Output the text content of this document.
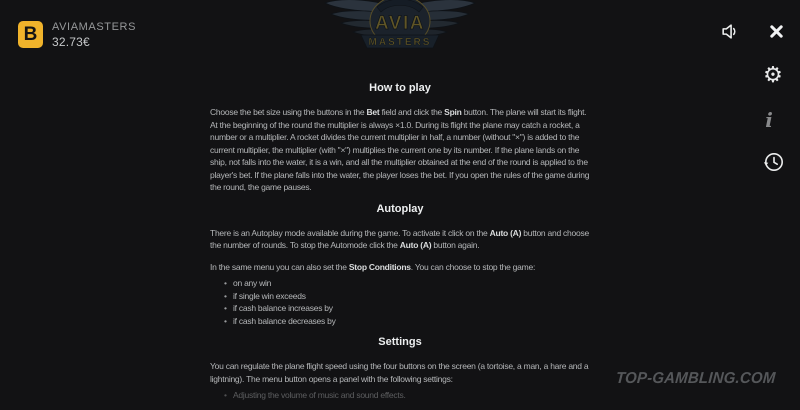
B	AVIAMASTERS
32.73€
AVIA
MASTERS
⚙
i
How to play

Choose the bet size using the buttons in the Bet field and click the Spin button. The plane will start its flight. At the beginning of the round the multiplier is always ×1.0. During its flight the plane may catch a rocket, a number or a multiplier. A rocket divides the current multiplier in half, a number (without "×") is added to the current multiplier, the multiplier (with "×") multiplies the current one by its number. If the plane lands on the ship, not falls into the water, it is a win, and all the multiplier obtained at the end of the round is applied to the player's bet. If the plane falls into the water, the player loses the bet. If you open the rules of the game during the round, the game pauses.

Autoplay

There is an Autoplay mode available during the game. To activate it click on the Auto (A) button and choose the number of rounds. To stop the Automode click the Auto (A) button again.

In the same menu you can also set the Stop Conditions. You can choose to stop the game:

• on any win
• if single win exceeds
• if cash balance increases by
• if cash balance decreases by
Settings

You can regulate the plane flight speed using the four buttons on the screen (a tortoise, a man, a hare and a lightning). The menu button opens a panel with the following settings:

• Adjusting the volume of music and sound effects.
TOP-GAMBLING.COM
